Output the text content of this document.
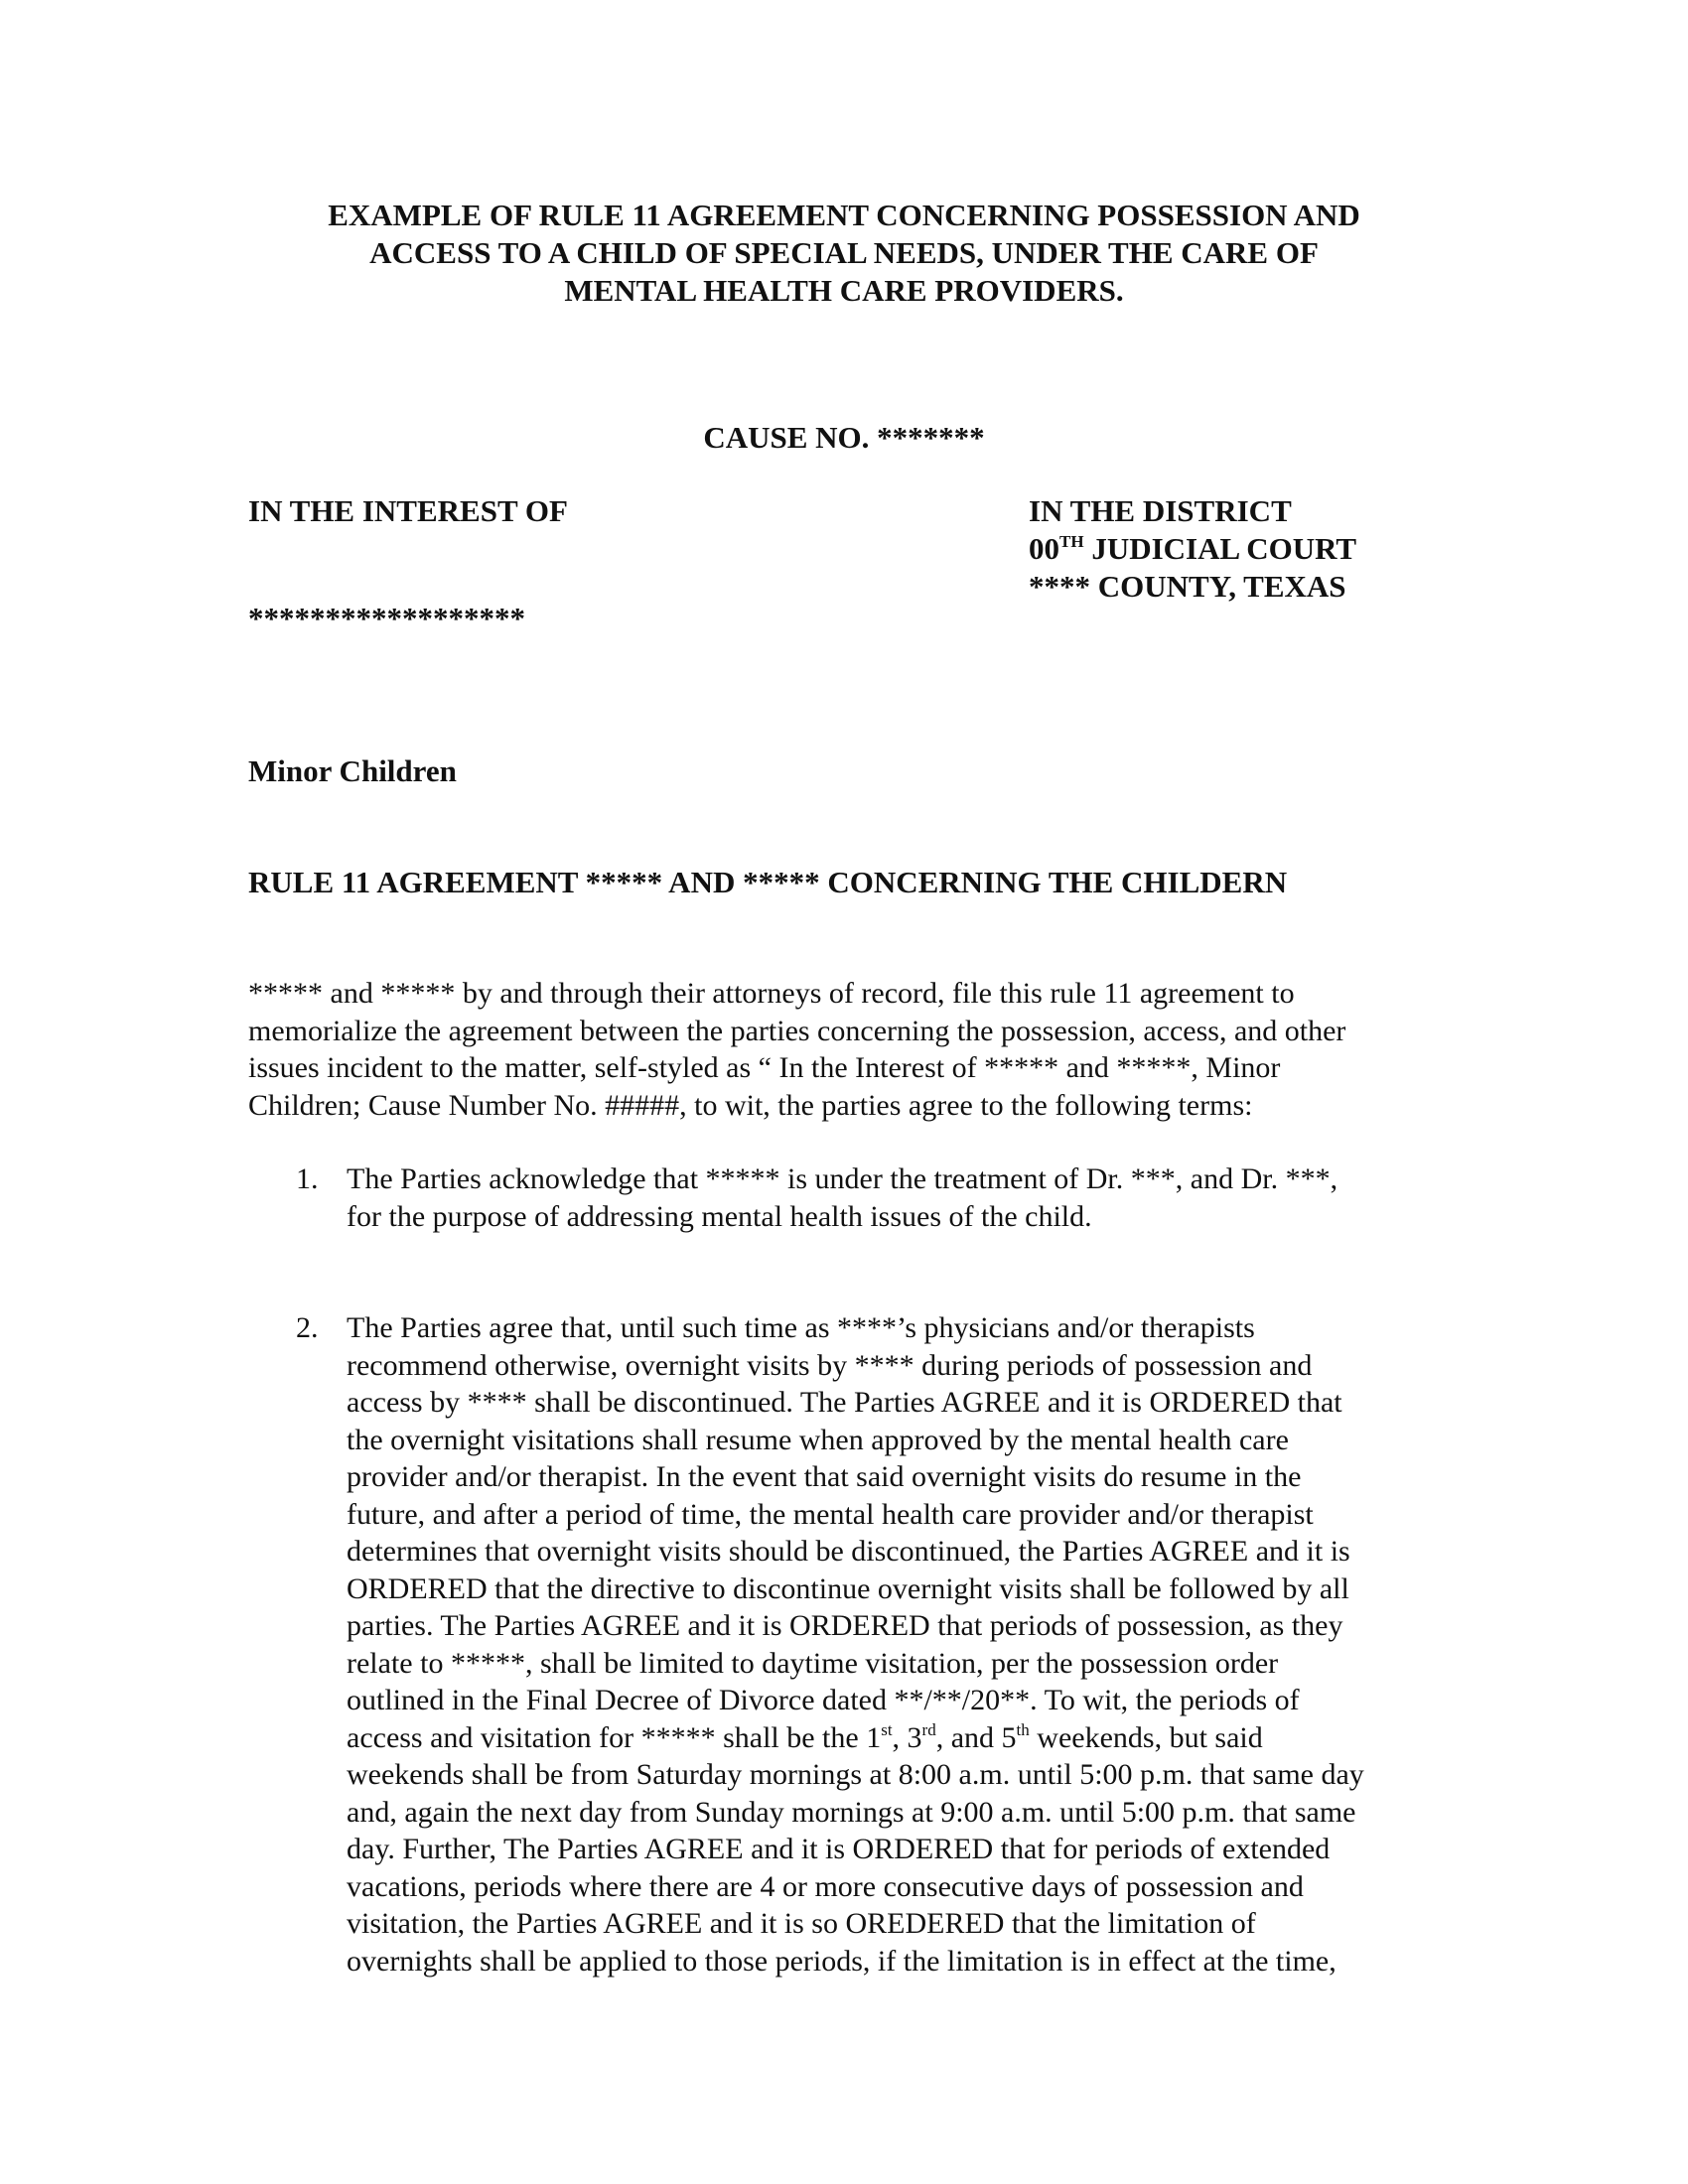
EXAMPLE OF RULE 11 AGREEMENT CONCERNING POSSESSION AND
ACCESS TO A CHILD OF SPECIAL NEEDS, UNDER THE CARE OF
MENTAL HEALTH CARE PROVIDERS.
CAUSE NO. *******
IN THE INTEREST OF	IN THE DISTRICT
00TH JUDICIAL COURT
**** COUNTY, TEXAS
******************
Minor Children
RULE 11 AGREEMENT ***** AND ***** CONCERNING THE CHILDERN
***** and ***** by and through their attorneys of record, file this rule 11 agreement to
memorialize the agreement between the parties concerning the possession, access, and other
issues incident to the matter, self-styled as “ In the Interest of ***** and *****, Minor
Children; Cause Number No. #####, to wit, the parties agree to the following terms:
1. The Parties acknowledge that ***** is under the treatment of Dr. ***, and Dr. ***,
for the purpose of addressing mental health issues of the child.
2. The Parties agree that, until such time as ****’s physicians and/or therapists
recommend otherwise, overnight visits by **** during periods of possession and
access by **** shall be discontinued. The Parties AGREE and it is ORDERED that
the overnight visitations shall resume when approved by the mental health care
provider and/or therapist. In the event that said overnight visits do resume in the
future, and after a period of time, the mental health care provider and/or therapist
determines that overnight visits should be discontinued, the Parties AGREE and it is
ORDERED that the directive to discontinue overnight visits shall be followed by all
parties. The Parties AGREE and it is ORDERED that periods of possession, as they
relate to *****, shall be limited to daytime visitation, per the possession order
outlined in the Final Decree of Divorce dated **/**/20**. To wit, the periods of
access and visitation for ***** shall be the 1st, 3rd, and 5th weekends, but said
weekends shall be from Saturday mornings at 8:00 a.m. until 5:00 p.m. that same day
and, again the next day from Sunday mornings at 9:00 a.m. until 5:00 p.m. that same
day. Further, The Parties AGREE and it is ORDERED that for periods of extended
vacations, periods where there are 4 or more consecutive days of possession and
visitation, the Parties AGREE and it is so OREDERED that the limitation of
overnights shall be applied to those periods, if the limitation is in effect at the time,
